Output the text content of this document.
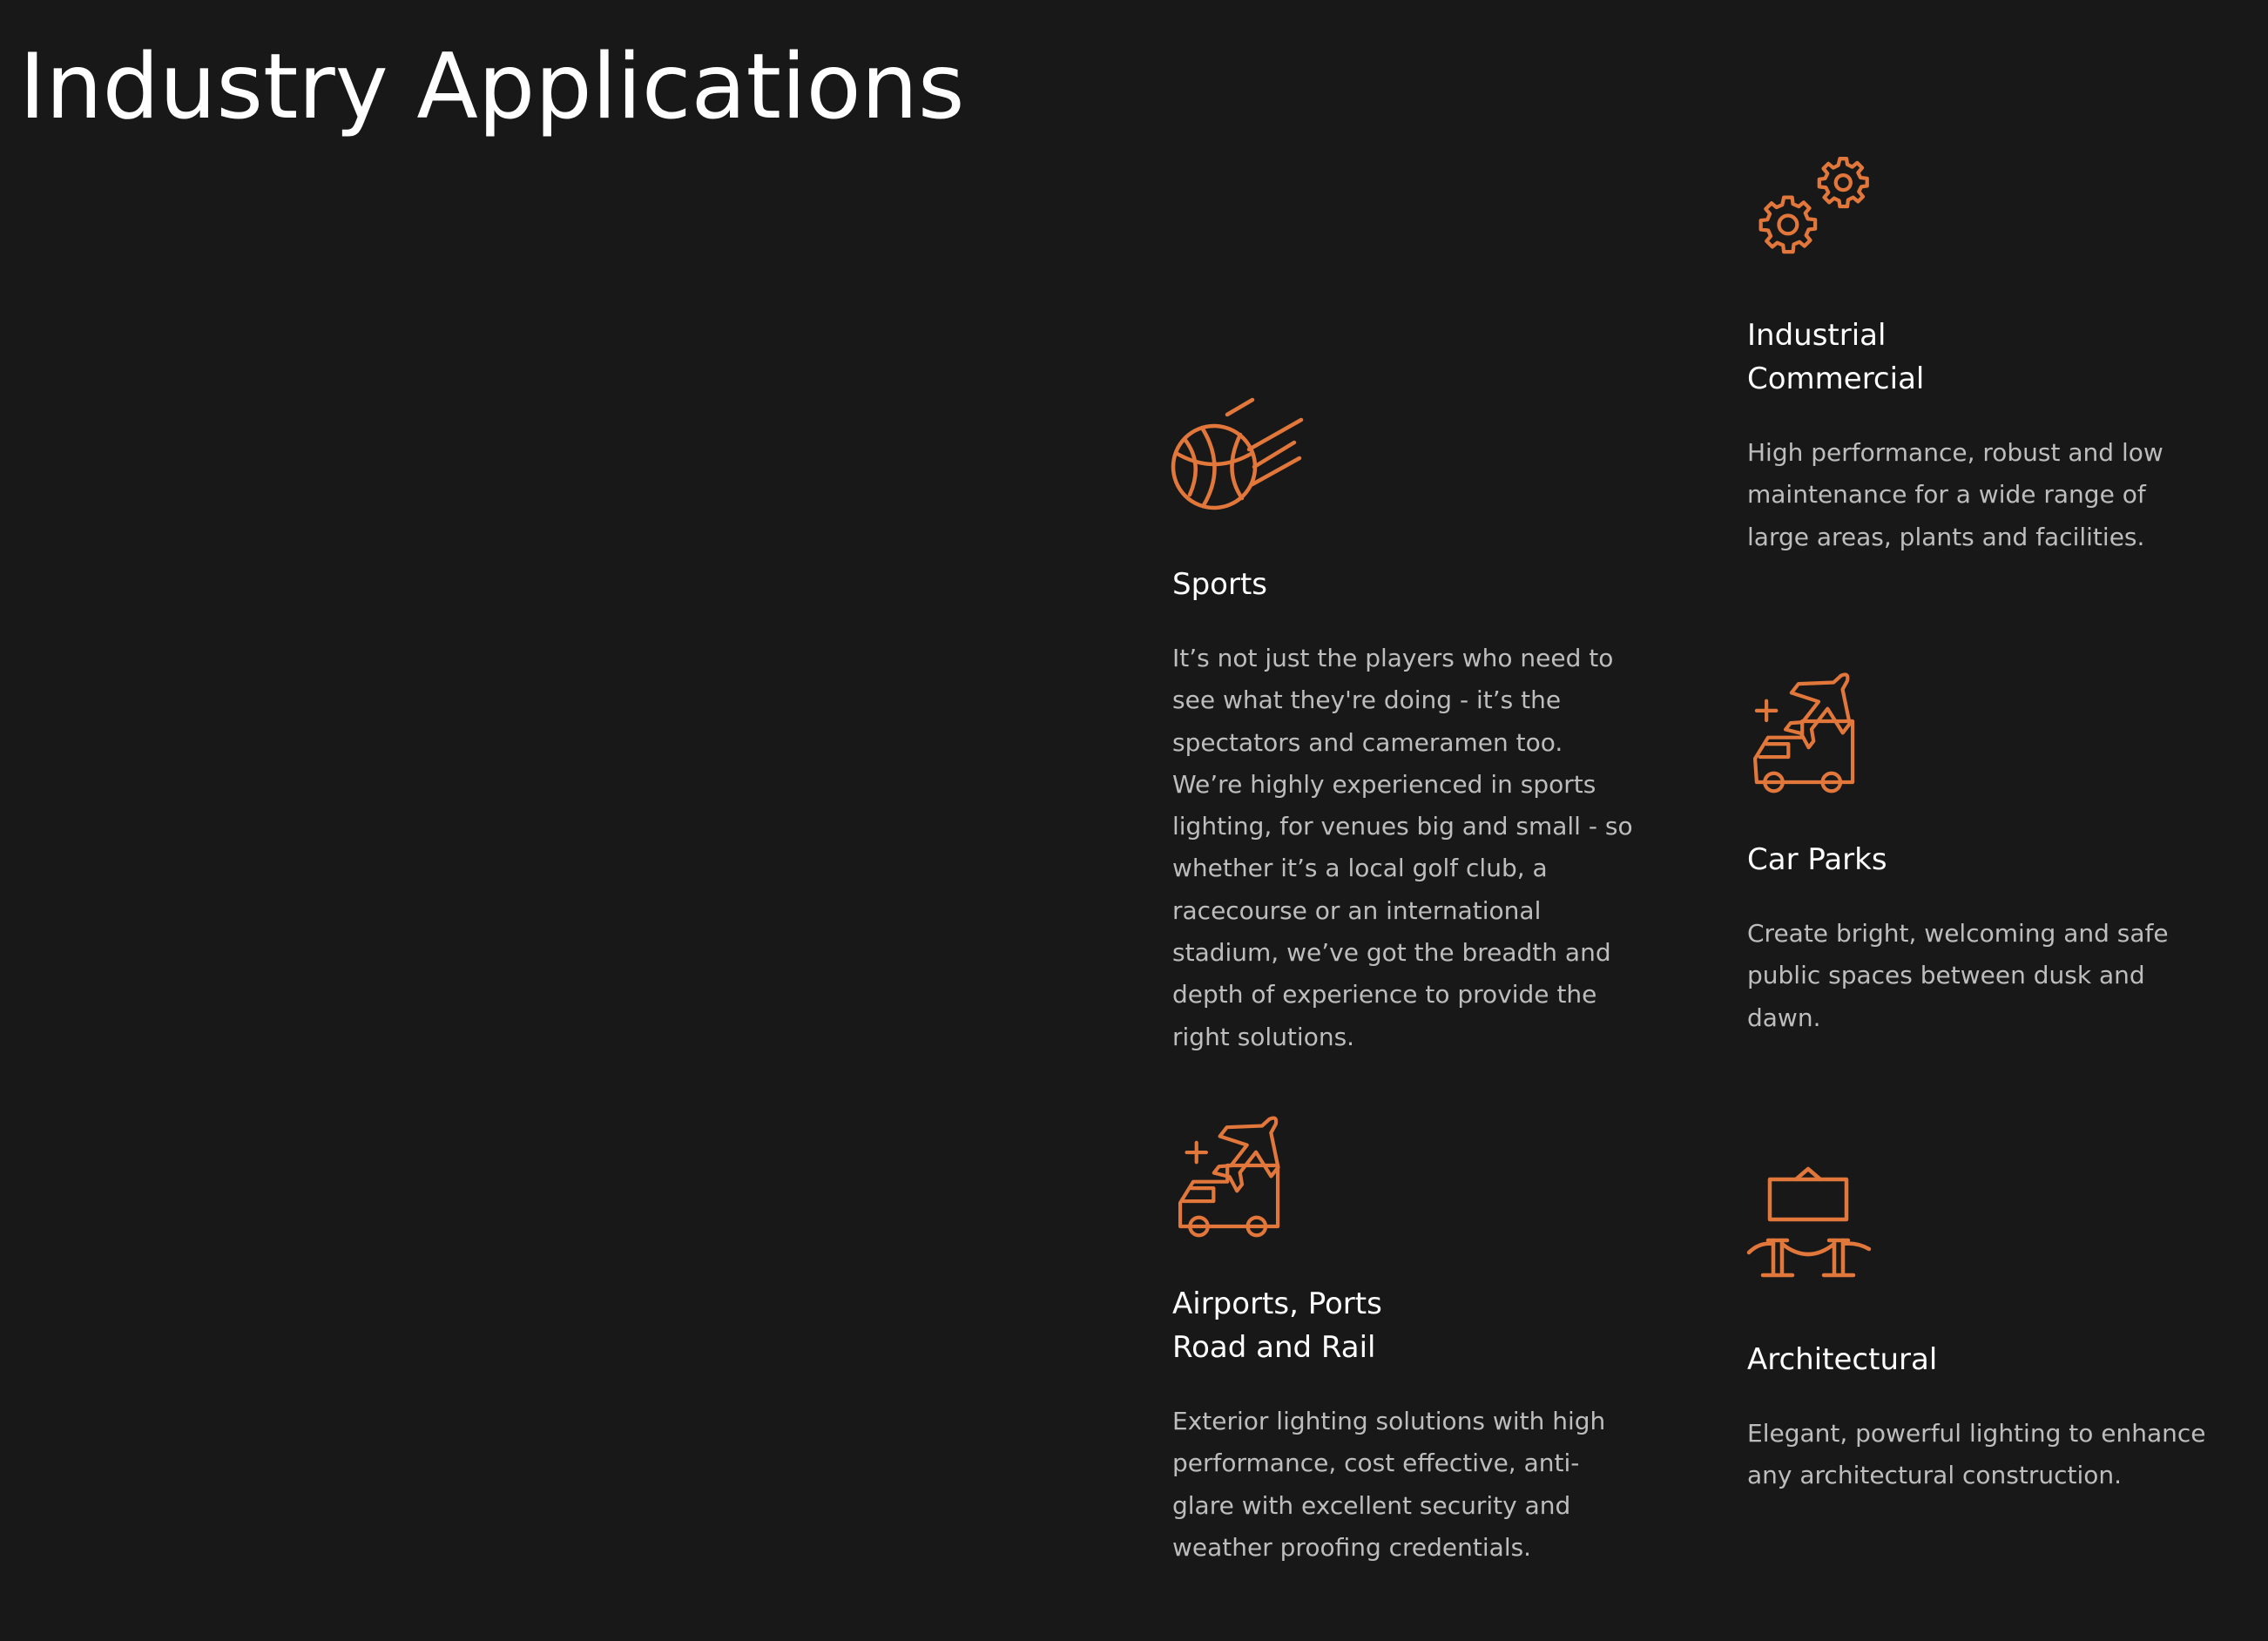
Industry Applications
Industrial
Commercial

High performance, robust and low maintenance for a wide range of large areas, plants and facilities.

Sports

It’s not just the players who need to see what they're doing - it’s the spectators and cameramen too. We’re highly experienced in sports lighting, for venues big and small - so whether it’s a local golf club, a racecourse or an international stadium, we’ve got the breadth and depth of experience to provide the right solutions.

Car Parks

Create bright, welcoming and safe public spaces between dusk and dawn.

Airports, Ports
Road and Rail

Exterior lighting solutions with high performance, cost effective, anti-glare with excellent security and weather proofing credentials.

Architectural

Elegant, powerful lighting to enhance any architectural construction.
